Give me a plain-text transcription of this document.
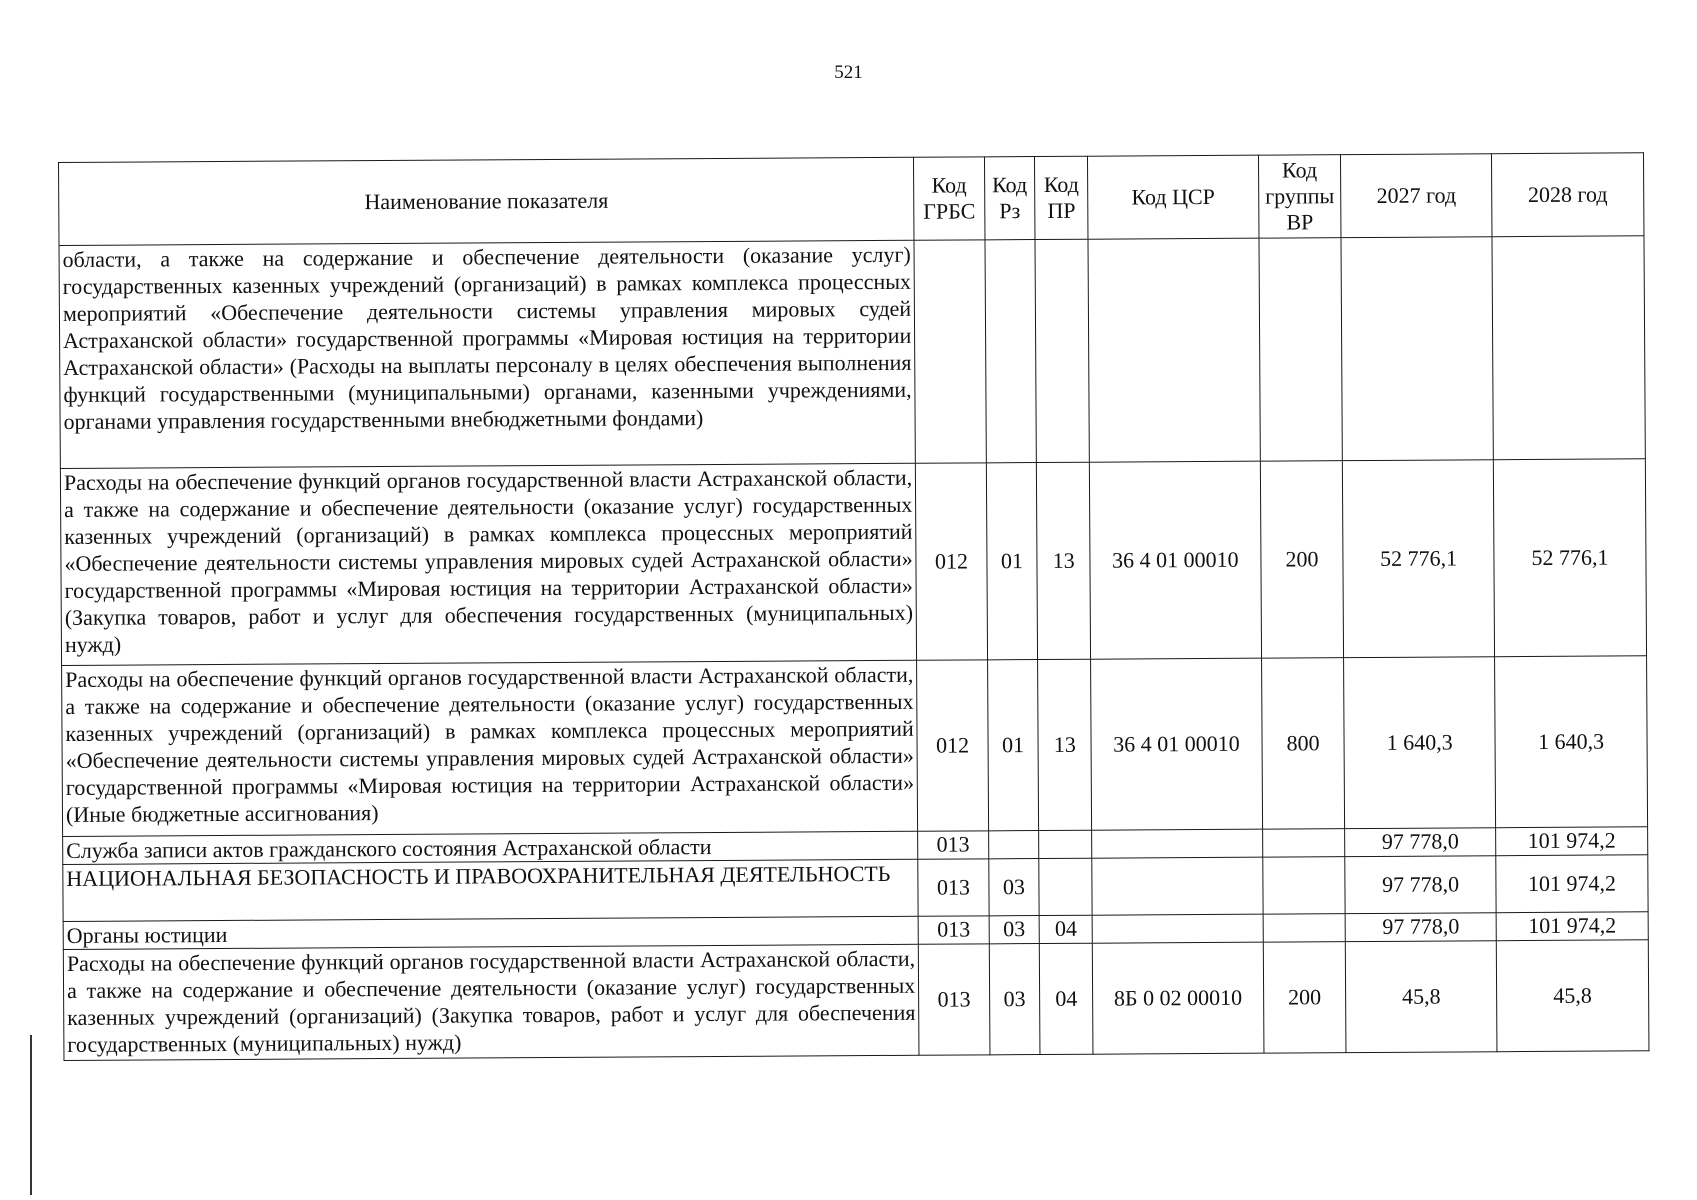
521
Наименование показателя	Код ГРБС	Код Рз	Код ПР	Код ЦСР	Код группы ВР	2027 год	2028 год
области, а также на содержание и обеспечение деятельности (оказание услуг) государственных казенных учреждений (организаций) в рамках комплекса процессных мероприятий «Обеспечение деятельности системы управления мировых судей Астраханской области» государственной программы «Мировая юстиция на территории Астраханской области» (Расходы на выплаты персоналу в целях обеспечения выполнения функций государственными (муниципальными) органами, казенными учреждениями, органами управления государственными внебюджетными фондами)							
Расходы на обеспечение функций органов государственной власти Астраханской области, а также на содержание и обеспечение деятельности (оказание услуг) государственных казенных учреждений (организаций) в рамках комплекса процессных мероприятий «Обеспечение деятельности системы управления мировых судей Астраханской области» государственной программы «Мировая юстиция на территории Астраханской области» (Закупка товаров, работ и услуг для обеспечения государственных (муниципальных) нужд)	012	01	13	36 4 01 00010	200	52 776,1	52 776,1
Расходы на обеспечение функций органов государственной власти Астраханской области, а также на содержание и обеспечение деятельности (оказание услуг) государственных казенных учреждений (организаций) в рамках комплекса процессных мероприятий «Обеспечение деятельности системы управления мировых судей Астраханской области» государственной программы «Мировая юстиция на территории Астраханской области» (Иные бюджетные ассигнования)	012	01	13	36 4 01 00010	800	1 640,3	1 640,3
Служба записи актов гражданского состояния Астраханской области	013					97 778,0	101 974,2
НАЦИОНАЛЬНАЯ БЕЗОПАСНОСТЬ И ПРАВООХРАНИТЕЛЬНАЯ ДЕЯТЕЛЬНОСТЬ	013	03				97 778,0	101 974,2
Органы юстиции	013	03	04			97 778,0	101 974,2
Расходы на обеспечение функций органов государственной власти Астраханской области, а также на содержание и обеспечение деятельности (оказание услуг) государственных казенных учреждений (организаций) (Закупка товаров, работ и услуг для обеспечения государственных (муниципальных) нужд)	013	03	04	8Б 0 02 00010	200	45,8	45,8
